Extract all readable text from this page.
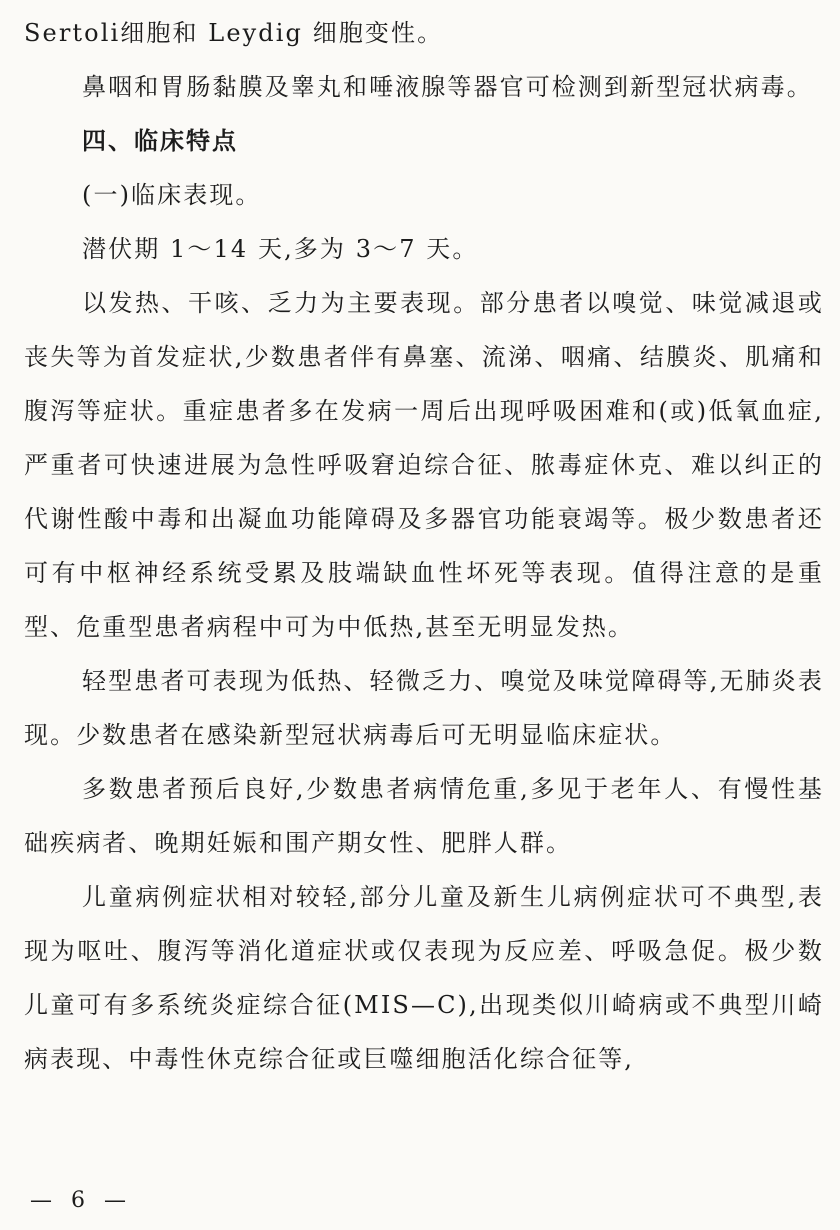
Sertoli细胞和 Leydig 细胞变性。

鼻咽和胃肠黏膜及睾丸和唾液腺等器官可检测到新型冠状病毒。

四、临床特点

(一)临床表现。

潜伏期 1～14 天,多为 3～7 天。

以发热、干咳、乏力为主要表现。部分患者以嗅觉、味觉减退或丧失等为首发症状,少数患者伴有鼻塞、流涕、咽痛、结膜炎、肌痛和腹泻等症状。重症患者多在发病一周后出现呼吸困难和(或)低氧血症,严重者可快速进展为急性呼吸窘迫综合征、脓毒症休克、难以纠正的代谢性酸中毒和出凝血功能障碍及多器官功能衰竭等。极少数患者还可有中枢神经系统受累及肢端缺血性坏死等表现。值得注意的是重型、危重型患者病程中可为中低热,甚至无明显发热。

轻型患者可表现为低热、轻微乏力、嗅觉及味觉障碍等,无肺炎表现。少数患者在感染新型冠状病毒后可无明显临床症状。

多数患者预后良好,少数患者病情危重,多见于老年人、有慢性基础疾病者、晚期妊娠和围产期女性、肥胖人群。

儿童病例症状相对较轻,部分儿童及新生儿病例症状可不典型,表现为呕吐、腹泻等消化道症状或仅表现为反应差、呼吸急促。极少数儿童可有多系统炎症综合征(MIS—C),出现类似川崎病或不典型川崎病表现、中毒性休克综合征或巨噬细胞活化综合征等,

— 6 —
